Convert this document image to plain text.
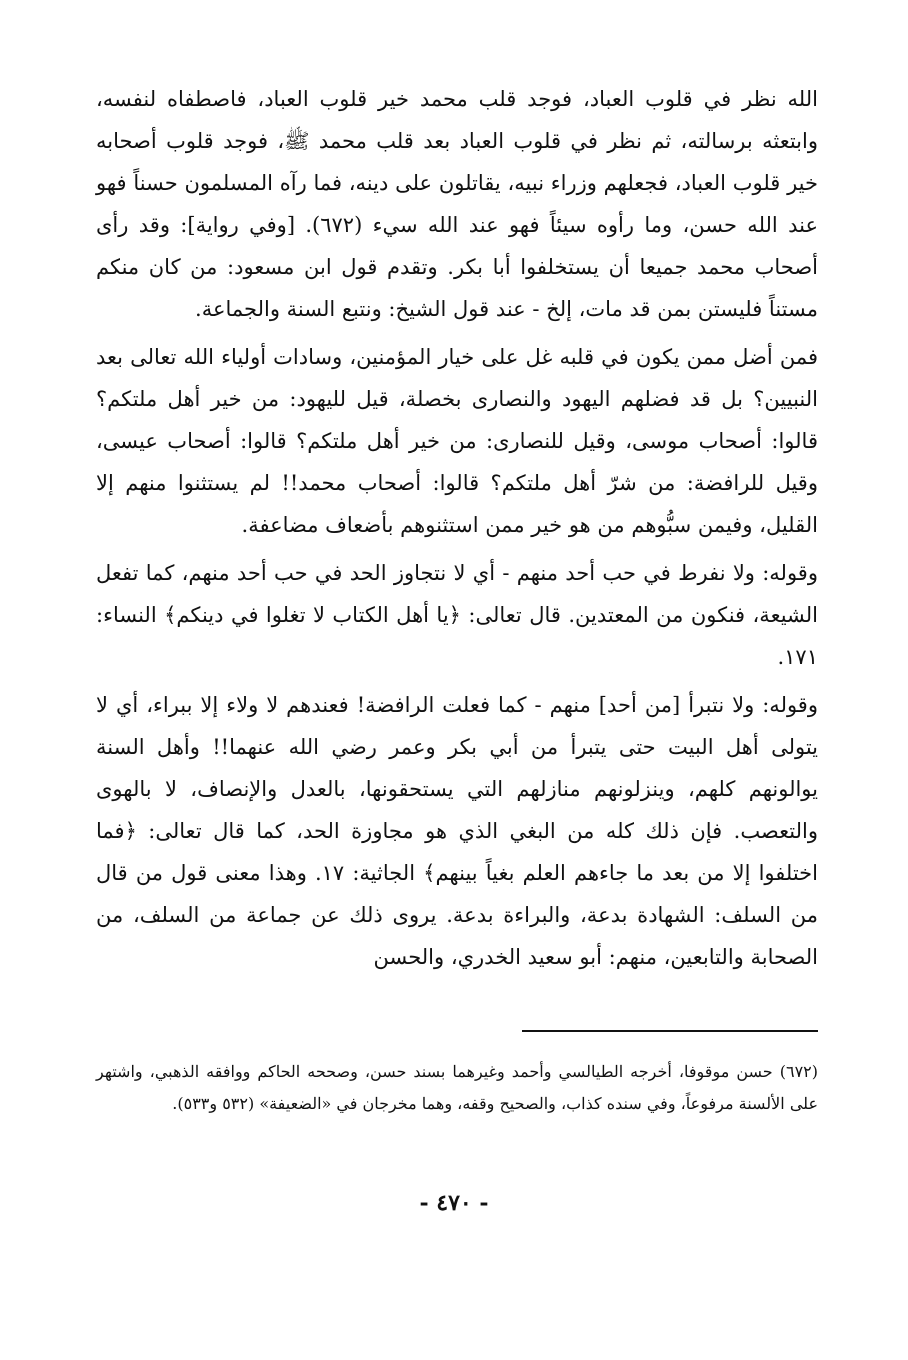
الله نظر في قلوب العباد، فوجد قلب محمد خير قلوب العباد، فاصطفاه لنفسه، وابتعثه برسالته، ثم نظر في قلوب العباد بعد قلب محمد ﷺ، فوجد قلوب أصحابه خير قلوب العباد، فجعلهم وزراء نبيه، يقاتلون على دينه، فما رآه المسلمون حسناً فهو عند الله حسن، وما رأوه سيئاً فهو عند الله سيء (٦٧٢). [وفي رواية]: وقد رأى أصحاب محمد جميعا أن يستخلفوا أبا بكر. وتقدم قول ابن مسعود: من كان منكم مستناً فليستن بمن قد مات، إلخ - عند قول الشيخ: ونتبع السنة والجماعة.

فمن أضل ممن يكون في قلبه غل على خيار المؤمنين، وسادات أولياء الله تعالى بعد النبيين؟ بل قد فضلهم اليهود والنصارى بخصلة، قيل لليهود: من خير أهل ملتكم؟ قالوا: أصحاب موسى، وقيل للنصارى: من خير أهل ملتكم؟ قالوا: أصحاب عيسى، وقيل للرافضة: من شرّ أهل ملتكم؟ قالوا: أصحاب محمد!! لم يستثنوا منهم إلا القليل، وفيمن سبُّوهم من هو خير ممن استثنوهم بأضعاف مضاعفة.

وقوله: ولا نفرط في حب أحد منهم - أي لا نتجاوز الحد في حب أحد منهم، كما تفعل الشيعة، فنكون من المعتدين. قال تعالى: ﴿يا أهل الكتاب لا تغلوا في دينكم﴾ النساء: ١٧١.

وقوله: ولا نتبرأ [من أحد] منهم - كما فعلت الرافضة! فعندهم لا ولاء إلا ببراء، أي لا يتولى أهل البيت حتى يتبرأ من أبي بكر وعمر رضي الله عنهما!! وأهل السنة يوالونهم كلهم، وينزلونهم منازلهم التي يستحقونها، بالعدل والإنصاف، لا بالهوى والتعصب. فإن ذلك كله من البغي الذي هو مجاوزة الحد، كما قال تعالى: ﴿فما اختلفوا إلا من بعد ما جاءهم العلم بغياً بينهم﴾ الجاثية: ١٧. وهذا معنى قول من قال من السلف: الشهادة بدعة، والبراءة بدعة. يروى ذلك عن جماعة من السلف، من الصحابة والتابعين، منهم: أبو سعيد الخدري، والحسن

(٦٧٢) حسن موقوفا، أخرجه الطيالسي وأحمد وغيرهما بسند حسن، وصححه الحاكم ووافقه الذهبي، واشتهر على الألسنة مرفوعاً، وفي سنده كذاب، والصحيح وقفه، وهما مخرجان في «الضعيفة» (٥٣٢ و٥٣٣).

- ٤٧٠ -
